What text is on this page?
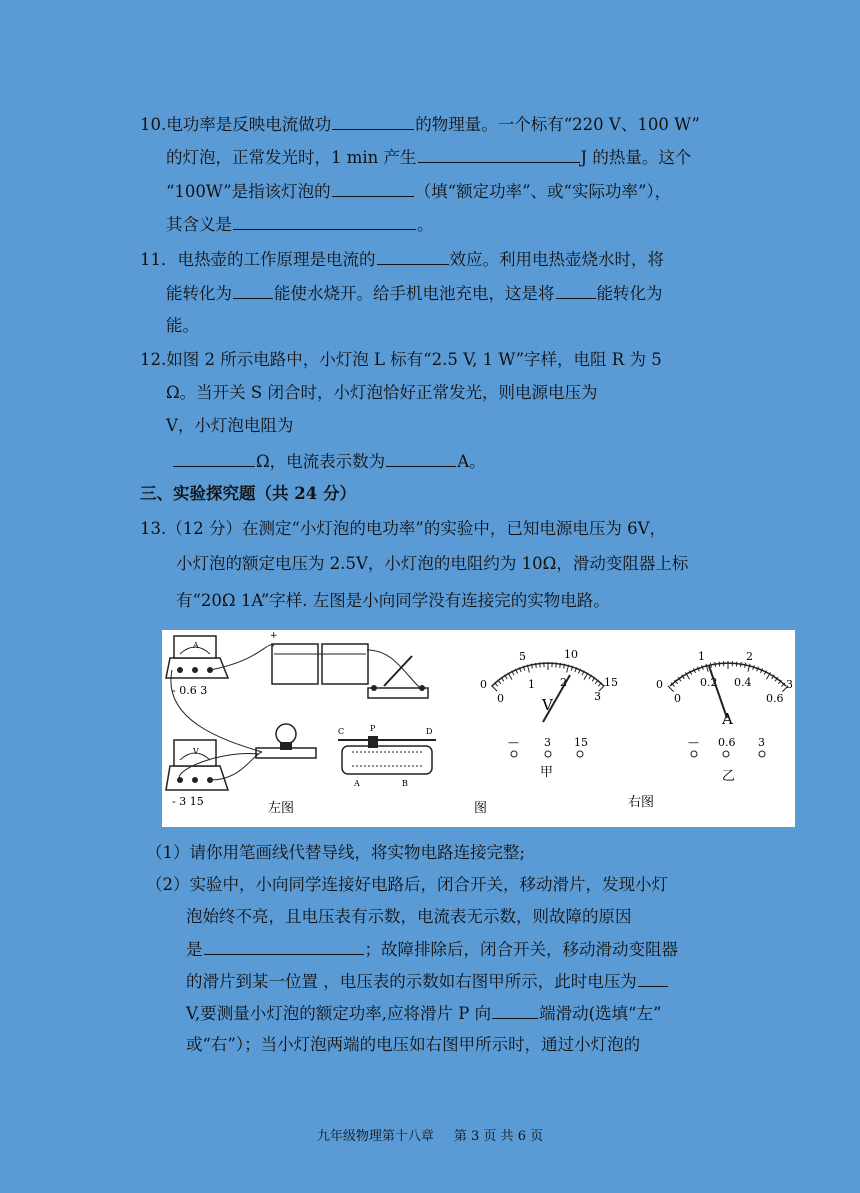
10.电功率是反映电流做功	的物理量。一个标有“220 V、100 W”
的灯泡，正常发光时，1 min 产生	J 的热量。这个
“100W”是指该灯泡的	（填“额定功率”、或“实际功率”），
其含义是	。
11．电热壶的工作原理是电流的	效应。利用电热壶烧水时，将
能转化为	能使水烧开。给手机电池充电，这是将	能转化为
能。
12.如图 2 所示电路中，小灯泡 L 标有“2.5 V, 1 W”字样，电阻 R 为 5
Ω。当开关 S 闭合时，小灯泡恰好正常发光，则电源电压为
V，小灯泡电阻为
Ω，电流表示数为	A。
三、实验探究题（共 24 分）
13.（12 分）在测定“小灯泡的电功率”的实验中，已知电源电压为 6V，
小灯泡的额定电压为 2.5V，小灯泡的电阻约为 10Ω，滑动变阻器上标
有“20Ω 1A”字样. 左图是小向同学没有连接完的实物电路。
A
- 0.6 3
+
V
- 3 15
C	P	D
A	B
左图	图	右图
0
5	10
15
0
1 2
3
V
— 3 15
甲
0
1	2
3
0
0.2 0.4
0.6
A
— 0.6 3
乙
（1）请你用笔画线代替导线，将实物电路连接完整;
（2）实验中，小向同学连接好电路后，闭合开关，移动滑片，发现小灯
泡始终不亮，且电压表有示数，电流表无示数，则故障的原因
是	；故障排除后，闭合开关，移动滑动变阻器
的滑片到某一位置 ，电压表的示数如右图甲所示，此时电压为
V,要测量小灯泡的额定功率,应将滑片 P 向	端滑动(选填“左”
或“右”）；当小灯泡两端的电压如右图甲所示时，通过小灯泡的
九年级物理第十八章 第 3 页 共 6 页
